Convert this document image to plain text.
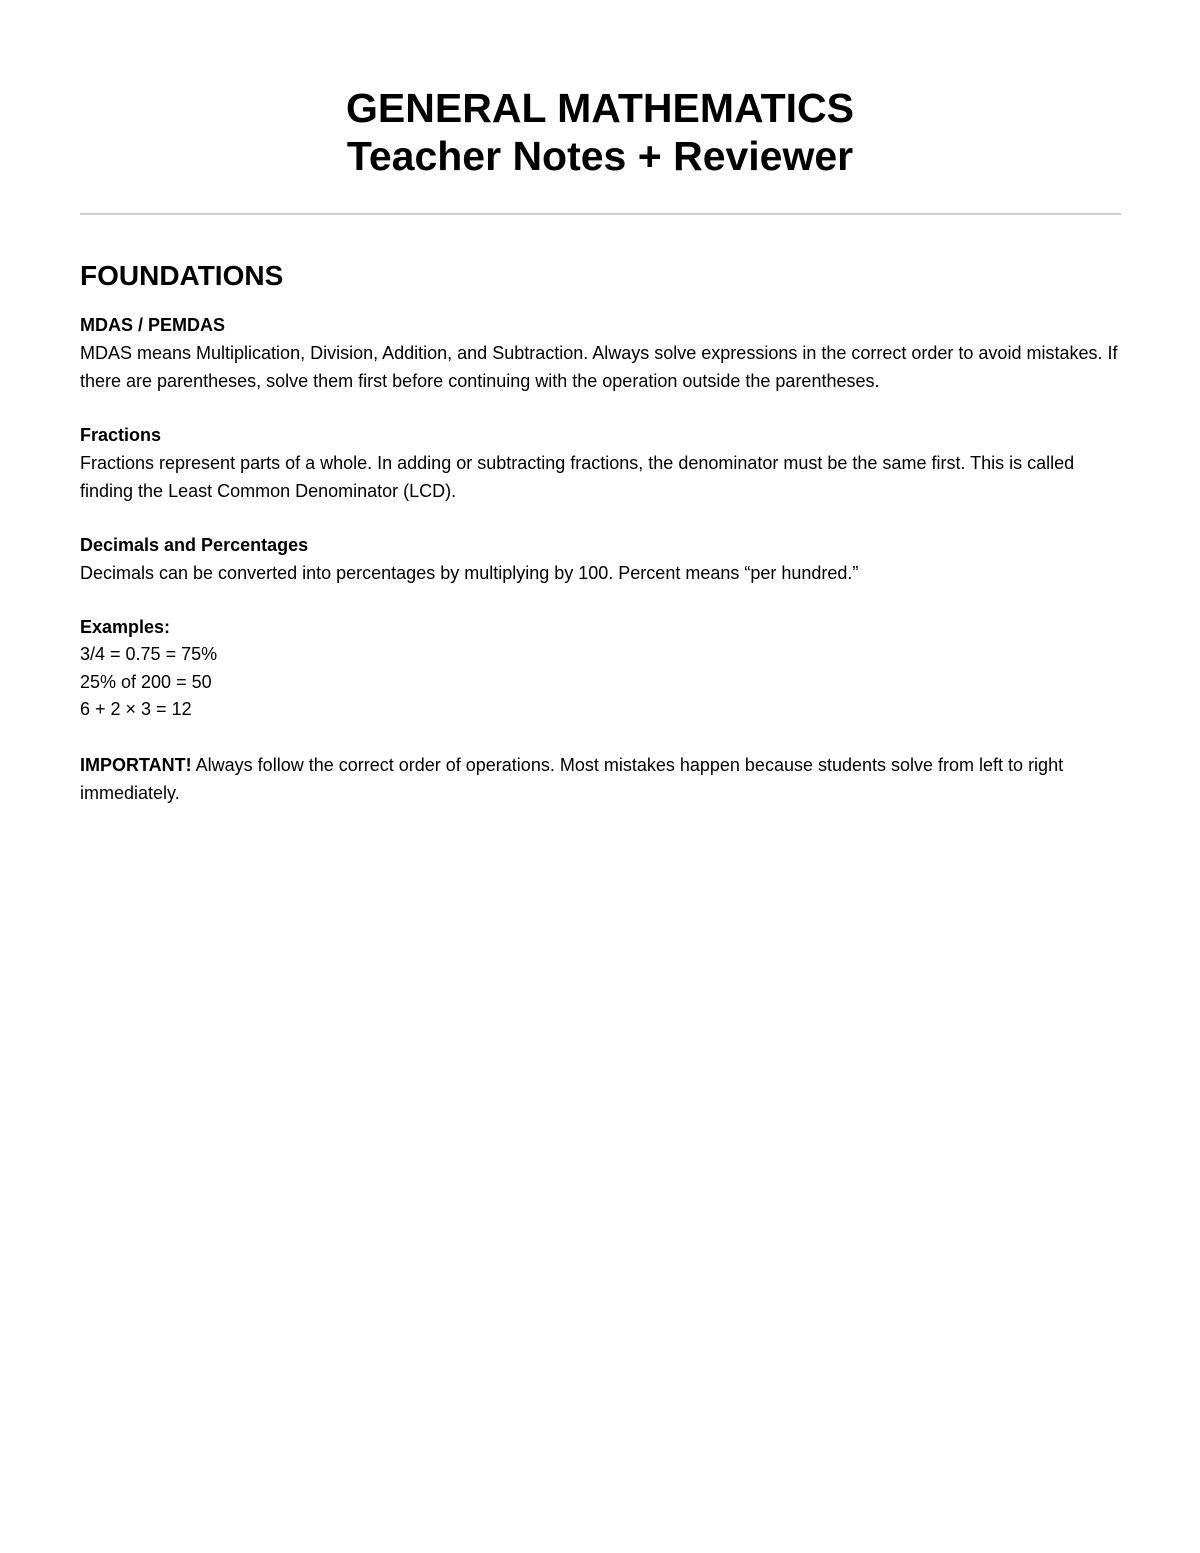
GENERAL MATHEMATICS
Teacher Notes + Reviewer
FOUNDATIONS
MDAS / PEMDAS
MDAS means Multiplication, Division, Addition, and Subtraction. Always solve expressions in the correct order to avoid mistakes. If there are parentheses, solve them first before continuing with the operation outside the parentheses.
Fractions
Fractions represent parts of a whole. In adding or subtracting fractions, the denominator must be the same first. This is called finding the Least Common Denominator (LCD).
Decimals and Percentages
Decimals can be converted into percentages by multiplying by 100. Percent means “per hundred.”
Examples:
3/4 = 0.75 = 75%
25% of 200 = 50
6 + 2 × 3 = 12
IMPORTANT! Always follow the correct order of operations. Most mistakes happen because students solve from left to right immediately.
